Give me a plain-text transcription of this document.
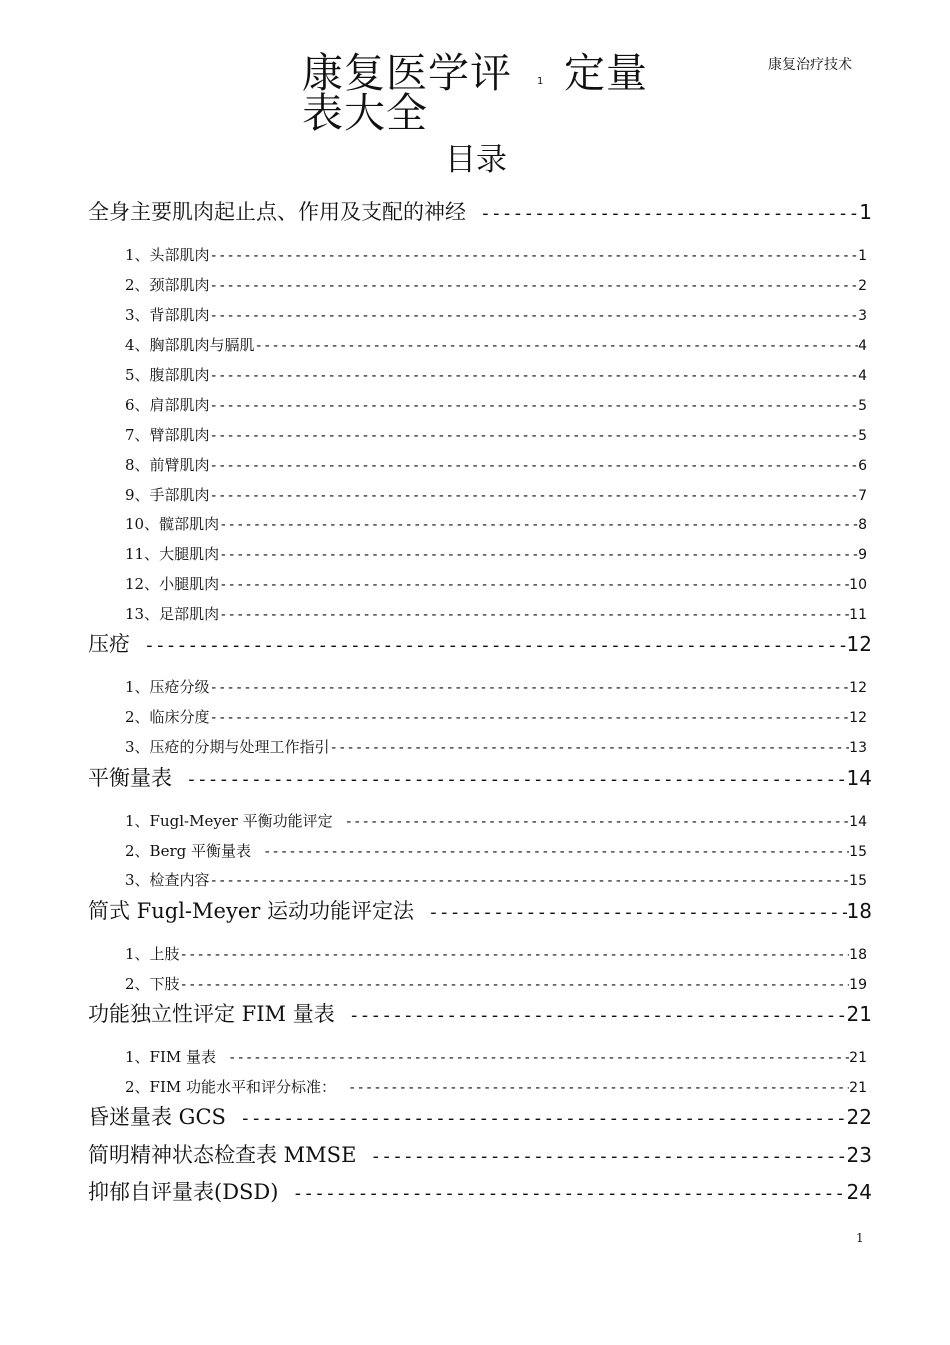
康复治疗技术
康复医学评 定量
表大全
1
目录
全身主要肌肉起止点、作用及支配的神经 -----	1
1、头部肌肉 -----	1
2、颈部肌肉 -----	2
3、背部肌肉 -----	3
4、胸部肌肉与膈肌 -----	4
5、腹部肌肉 -----	4
6、肩部肌肉 -----	5
7、臂部肌肉 -----	5
8、前臂肌肉 -----	6
9、手部肌肉 -----	7
10、髋部肌肉 -----	8
11、大腿肌肉 -----	9
12、小腿肌肉 -----	10
13、足部肌肉 -----	11
压疮 -----	12
1、压疮分级 -----	12
2、临床分度 -----	12
3、压疮的分期与处理工作指引 -----	13
平衡量表 -----	14
1、Fugl-Meyer 平衡功能评定 -----	14
2、Berg 平衡量表 -----	15
3、检查内容 -----	15
简式 Fugl-Meyer 运动功能评定法 -----	18
1、上肢 -----	18
2、下肢 -----	19
功能独立性评定 FIM 量表 -----	21
1、FIM 量表 -----	21
2、FIM 功能水平和评分标准： -----	21
昏迷量表 GCS -----	22
简明精神状态检查表 MMSE -----	23
抑郁自评量表(DSD) -----	24
1
